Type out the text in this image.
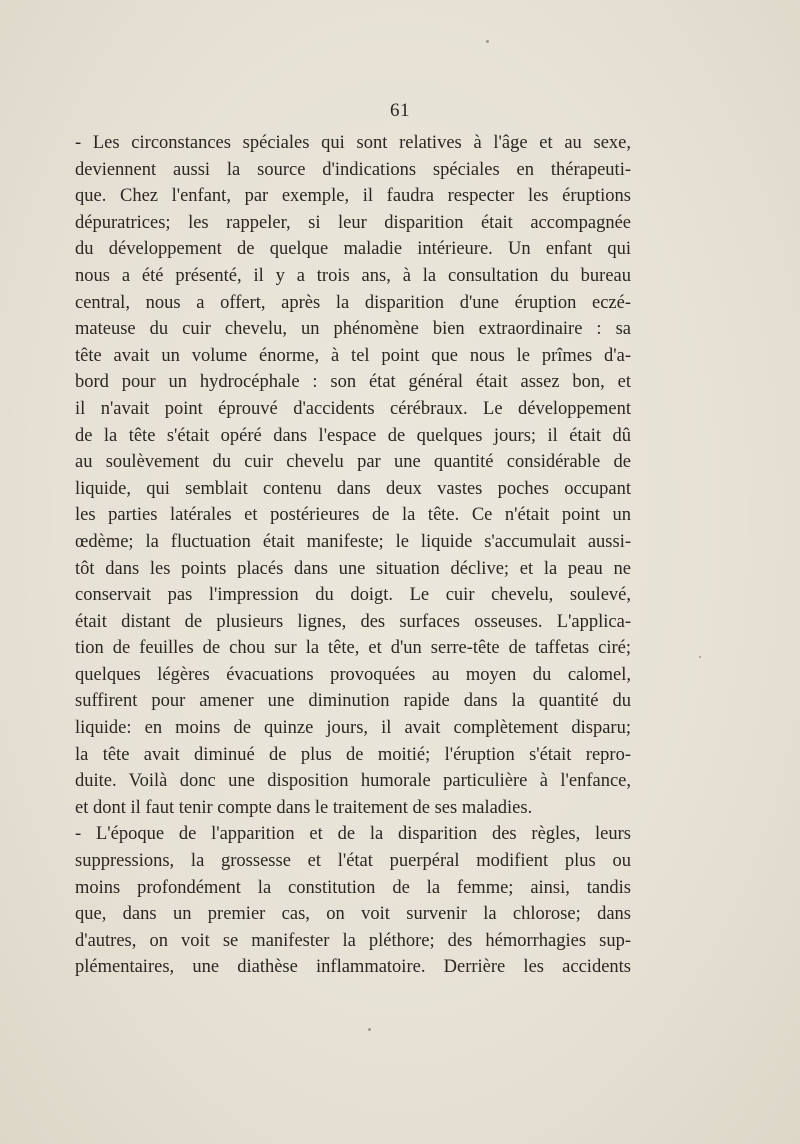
61
- Les circonstances spéciales qui sont relatives à l'âge et au sexe,
deviennent aussi la source d'indications spéciales en thérapeuti-
que. Chez l'enfant, par exemple, il faudra respecter les éruptions
dépuratrices; les rappeler, si leur disparition était accompagnée
du développement de quelque maladie intérieure. Un enfant qui
nous a été présenté, il y a trois ans, à la consultation du bureau
central, nous a offert, après la disparition d'une éruption eczé-
mateuse du cuir chevelu, un phénomène bien extraordinaire : sa
tête avait un volume énorme, à tel point que nous le prîmes d'a-
bord pour un hydrocéphale : son état général était assez bon, et
il n'avait point éprouvé d'accidents cérébraux. Le développement
de la tête s'était opéré dans l'espace de quelques jours; il était dû
au soulèvement du cuir chevelu par une quantité considérable de
liquide, qui semblait contenu dans deux vastes poches occupant
les parties latérales et postérieures de la tête. Ce n'était point un
œdème; la fluctuation était manifeste; le liquide s'accumulait aussi-
tôt dans les points placés dans une situation déclive; et la peau ne
conservait pas l'impression du doigt. Le cuir chevelu, soulevé,
était distant de plusieurs lignes, des surfaces osseuses. L'applica-
tion de feuilles de chou sur la tête, et d'un serre-tête de taffetas ciré;
quelques légères évacuations provoquées au moyen du calomel,
suffirent pour amener une diminution rapide dans la quantité du
liquide: en moins de quinze jours, il avait complètement disparu;
la tête avait diminué de plus de moitié; l'éruption s'était repro-
duite. Voilà donc une disposition humorale particulière à l'enfance,
et dont il faut tenir compte dans le traitement de ses maladies.
- L'époque de l'apparition et de la disparition des règles, leurs
suppressions, la grossesse et l'état puerpéral modifient plus ou
moins profondément la constitution de la femme; ainsi, tandis
que, dans un premier cas, on voit survenir la chlorose; dans
d'autres, on voit se manifester la pléthore; des hémorrhagies sup-
plémentaires, une diathèse inflammatoire. Derrière les accidents
